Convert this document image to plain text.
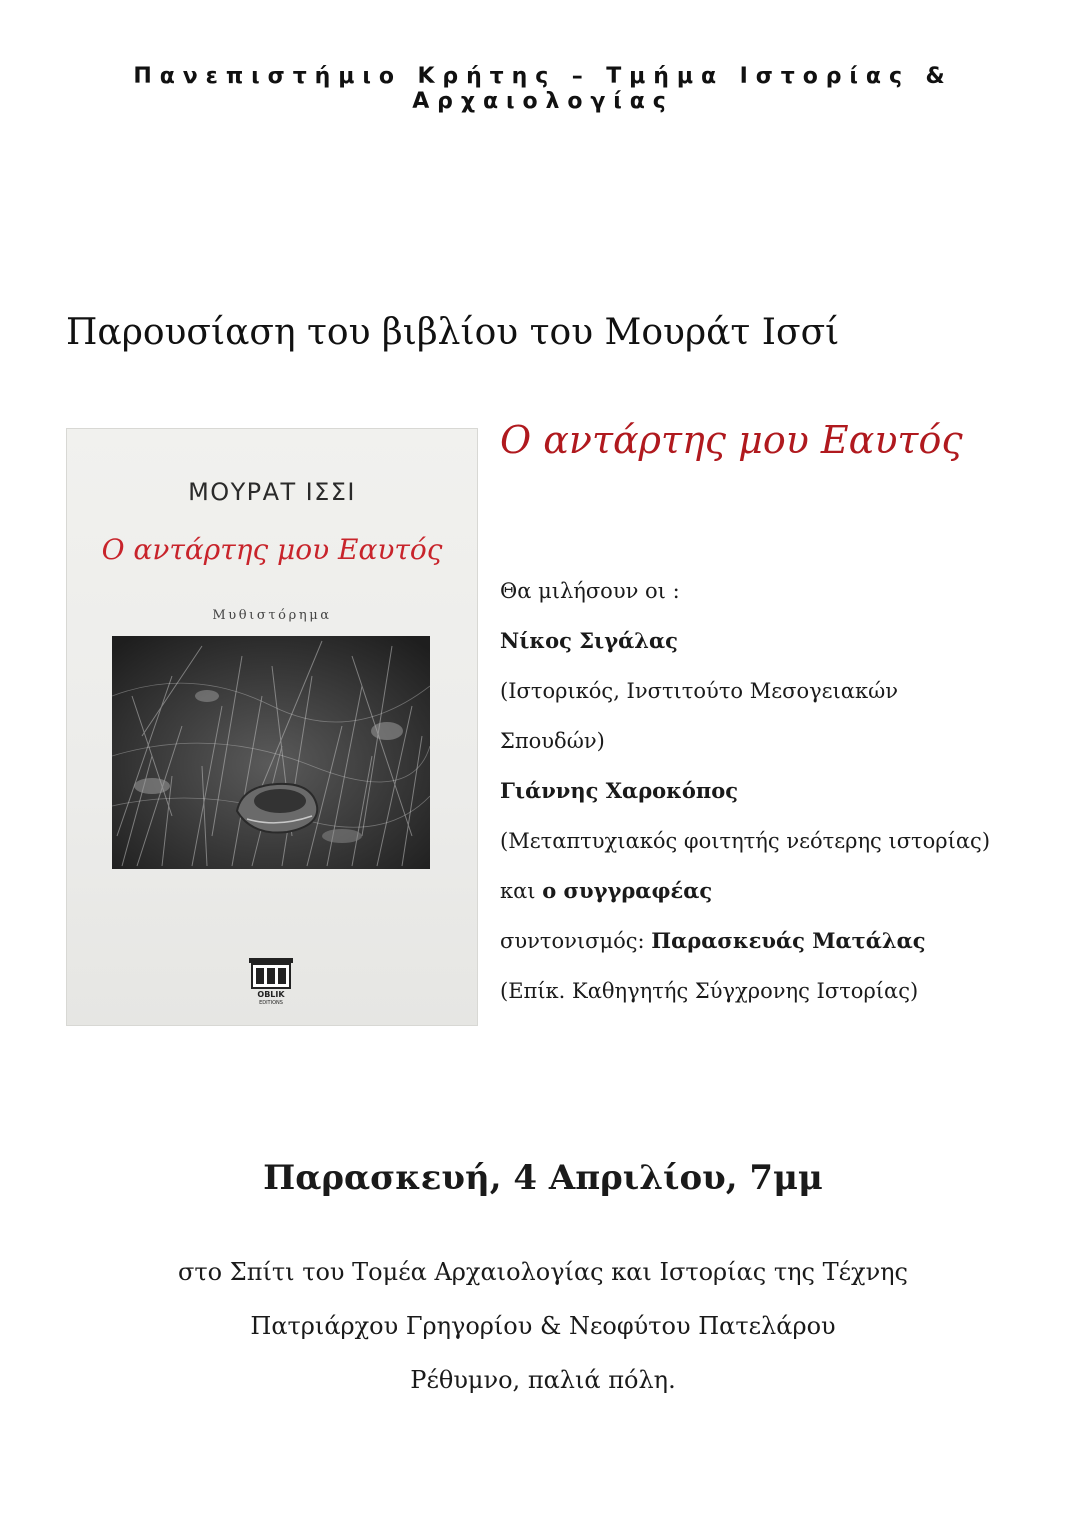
Πανεπιστήμιο Κρήτης – Τμήμα Ιστορίας & Αρχαιολογίας
Παρουσίαση του βιβλίου του Μουράτ Ισσί
Ο αντάρτης μου Εαυτός
ΜΟΥΡΑΤ ΙΣΣΙ
Ο αντάρτης μου Εαυτός
Μυθιστόρημα
OBLIK
EDITIONS
Θα μιλήσουν οι :
Νίκος Σιγάλας
(Ιστορικός, Ινστιτούτο Μεσογειακών
Σπουδών)
Γιάννης Χαροκόπος
(Μεταπτυχιακός φοιτητής νεότερης ιστορίας)
και ο συγγραφέας
συντονισμός: Παρασκευάς Ματάλας
(Επίκ. Καθηγητής Σύγχρονης Ιστορίας)
Παρασκευή, 4 Απριλίου, 7μμ
στο Σπίτι του Τομέα Αρχαιολογίας και Ιστορίας της Τέχνης
Πατριάρχου Γρηγορίου & Νεοφύτου Πατελάρου
Ρέθυμνο, παλιά πόλη.
